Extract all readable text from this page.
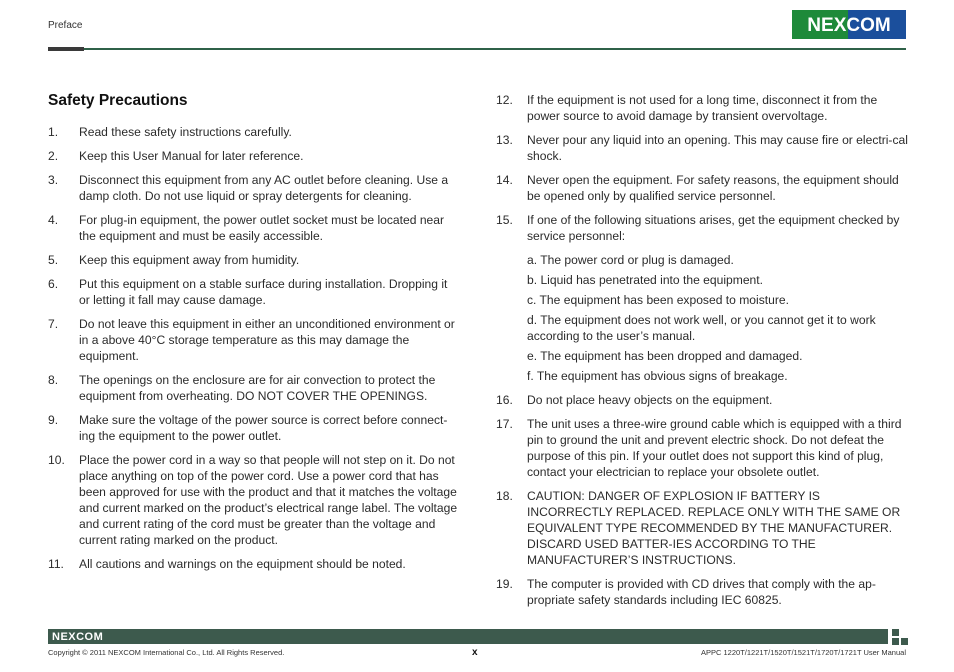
Preface	NEXCOM
Safety Precautions
1.	Read these safety instructions carefully.
2.	Keep this User Manual for later reference.
3.	Disconnect this equipment from any AC outlet before cleaning. Use a damp cloth. Do not use liquid or spray detergents for cleaning.
4.	For plug-in equipment, the power outlet socket must be located near the equipment and must be easily accessible.
5.	Keep this equipment away from humidity.
6.	Put this equipment on a stable surface during installation. Dropping it or letting it fall may cause damage.
7.	Do not leave this equipment in either an unconditioned environment or in a above 40°C storage temperature as this may damage the equipment.
8.	The openings on the enclosure are for air convection to protect the equipment from overheating. DO NOT COVER THE OPENINGS.
9.	Make sure the voltage of the power source is correct before connect-ing the equipment to the power outlet.
10.	Place the power cord in a way so that people will not step on it. Do not place anything on top of the power cord. Use a power cord that has been approved for use with the product and that it matches the voltage and current marked on the product’s electrical range label. The voltage and current rating of the cord must be greater than the voltage and current rating marked on the product.
11.	All cautions and warnings on the equipment should be noted.
12.	If the equipment is not used for a long time, disconnect it from the power source to avoid damage by transient overvoltage.
13.	Never pour any liquid into an opening. This may cause fire or electri-cal shock.
14.	Never open the equipment. For safety reasons, the equipment should be opened only by qualified service personnel.
15.	If one of the following situations arises, get the equipment checked by service personnel:
a. The power cord or plug is damaged.
b. Liquid has penetrated into the equipment.
c. The equipment has been exposed to moisture.
d. The equipment does not work well, or you cannot get it to work according to the user’s manual.
e. The equipment has been dropped and damaged.
f. The equipment has obvious signs of breakage.
16.	Do not place heavy objects on the equipment.
17.	The unit uses a three-wire ground cable which is equipped with a third pin to ground the unit and prevent electric shock. Do not defeat the purpose of this pin. If your outlet does not support this kind of plug, contact your electrician to replace your obsolete outlet.
18.	CAUTION: DANGER OF EXPLOSION IF BATTERY IS INCORRECTLY REPLACED. REPLACE ONLY WITH THE SAME OR EQUIVALENT TYPE RECOMMENDED BY THE MANUFACTURER. DISCARD USED BATTER-IES ACCORDING TO THE MANUFACTURER’S INSTRUCTIONS.
19.	The computer is provided with CD drives that comply with the ap-propriate safety standards including IEC 60825.
NEXCOM
Copyright © 2011 NEXCOM International Co., Ltd. All Rights Reserved.	x	APPC 1220T/1221T/1520T/1521T/1720T/1721T User Manual
